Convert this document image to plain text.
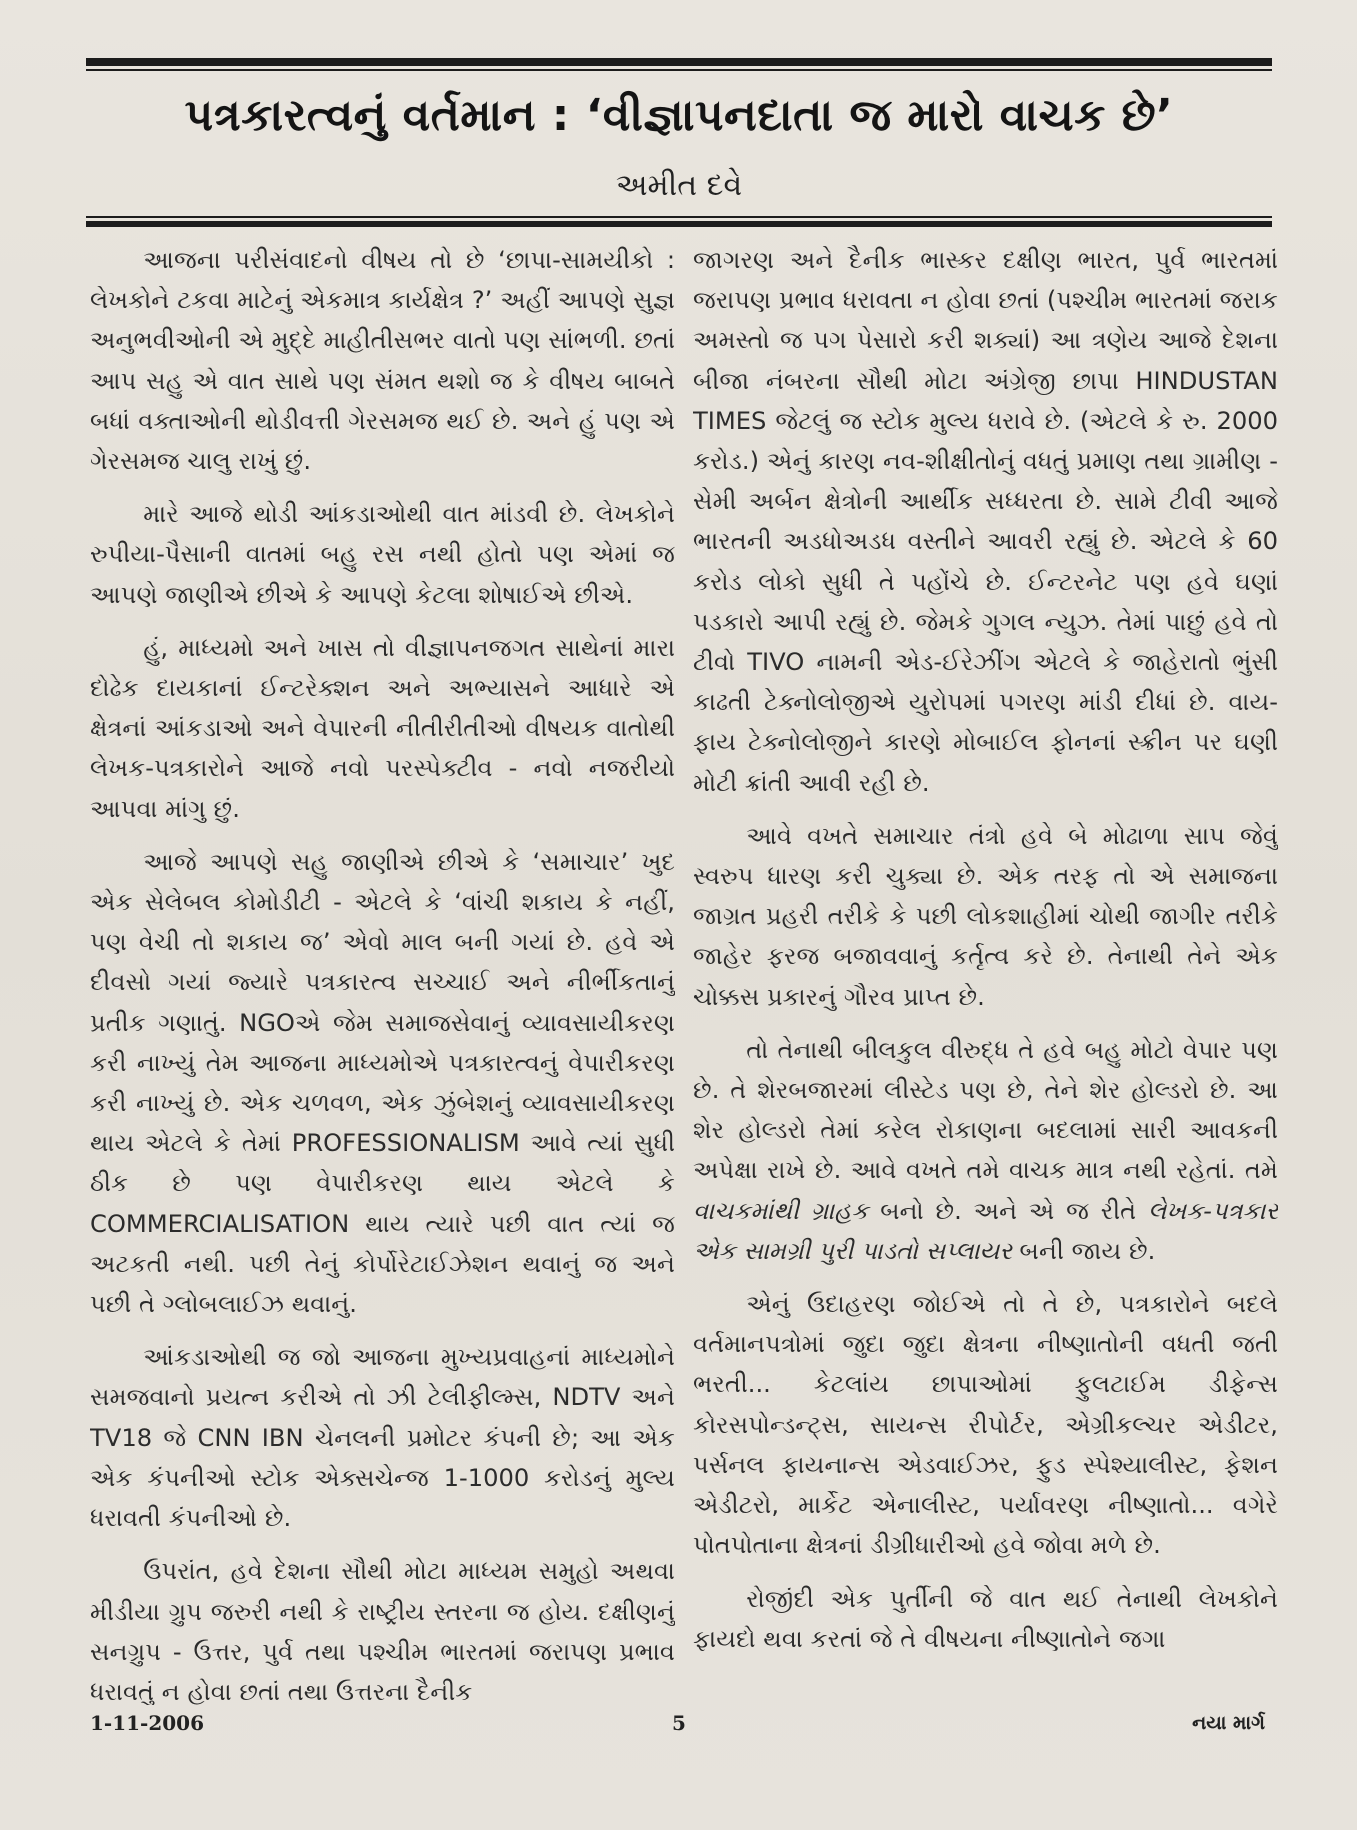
પત્રકારત્વનું વર્તમાન : ‘વીજ્ઞાપનદાતા જ મારો વાચક છે’
અમીત દવે

આજના પરીસંવાદનો વીષય તો છે ‘છાપા-સામયીકો : લેખકોને ટકવા માટેનું એકમાત્ર કાર્યક્ષેત્ર ?’ અહીં આપણે સુજ્ઞ અનુભવીઓની એ મુદ્દે માહીતીસભર વાતો પણ સાંભળી. છતાં આપ સહુ એ વાત સાથે પણ સંમત થશો જ કે વીષય બાબતે બધાં વક્તાઓની થોડીવત્તી ગેરસમજ થઈ છે. અને હું પણ એ ગેરસમજ ચાલુ રાખું છું.

મારે આજે થોડી આંકડાઓથી વાત માંડવી છે. લેખકોને રુપીયા-પૈસાની વાતમાં બહુ રસ નથી હોતો પણ એમાં જ આપણે જાણીએ છીએ કે આપણે કેટલા શોષાઈએ છીએ.

હું, માધ્યમો અને ખાસ તો વીજ્ઞાપનજગત સાથેનાં મારા દોઢેક દાયકાનાં ઈન્ટરેક્શન અને અભ્યાસને આધારે એ ક્ષેત્રનાં આંકડાઓ અને વેપારની નીતીરીતીઓ વીષયક વાતોથી લેખક-પત્રકારોને આજે નવો પરસ્પેક્ટીવ - નવો નજરીયો આપવા માંગુ છું.

આજે આપણે સહુ જાણીએ છીએ કે ‘સમાચાર’ ખુદ એક સેલેબલ કોમોડીટી - એટલે કે ‘વાંચી શકાય કે નહીં, પણ વેચી તો શકાય જ’ એવો માલ બની ગયાં છે. હવે એ દીવસો ગયાં જ્યારે પત્રકારત્વ સચ્ચાઈ અને નીર્ભીકતાનું પ્રતીક ગણાતું. NGOએ જેમ સમાજસેવાનું વ્યાવસાયીકરણ કરી નાખ્યું તેમ આજના માધ્યમોએ પત્રકારત્વનું વેપારીકરણ કરી નાખ્યું છે. એક ચળવળ, એક ઝુંબેશનું વ્યાવસાયીકરણ થાય એટલે કે તેમાં PROFESSIONALISM આવે ત્યાં સુધી ઠીક છે પણ વેપારીકરણ થાય એટલે કે COMMERCIALISATION થાય ત્યારે પછી વાત ત્યાં જ અટકતી નથી. પછી તેનું કોર્પોરેટાઈઝેશન થવાનું જ અને પછી તે ગ્લોબલાઈઝ થવાનું.

આંકડાઓથી જ જો આજના મુખ્યપ્રવાહનાં માધ્યમોને સમજવાનો પ્રયત્ન કરીએ તો ઝી ટેલીફીલ્મ્સ, NDTV અને TV18 જે CNN IBN ચેનલની પ્રમોટર કંપની છે; આ એક એક કંપનીઓ સ્ટોક એક્સચેન્જ 1-1000 કરોડનું મુલ્ય ધરાવતી કંપનીઓ છે.

ઉપરાંત, હવે દેશના સૌથી મોટા માધ્યમ સમુહો અથવા મીડીયા ગ્રુપ જરુરી નથી કે રાષ્ટ્રીય સ્તરના જ હોય. દક્ષીણનું સનગ્રુપ - ઉત્તર, પુર્વ તથા પશ્ચીમ ભારતમાં જરાપણ પ્રભાવ ધરાવતું ન હોવા છતાં તથા ઉત્તરના દૈનીક

જાગરણ અને દૈનીક ભાસ્કર દક્ષીણ ભારત, પુર્વ ભારતમાં જરાપણ પ્રભાવ ધરાવતા ન હોવા છતાં (પશ્ચીમ ભારતમાં જરાક અમસ્તો જ પગ પેસારો કરી શક્યાં) આ ત્રણેય આજે દેશના બીજા નંબરના સૌથી મોટા અંગ્રેજી છાપા HINDUSTAN TIMES જેટલું જ સ્ટોક મુલ્ય ધરાવે છે. (એટલે કે રુ. 2000 કરોડ.) એનું કારણ નવ-શીક્ષીતોનું વધતું પ્રમાણ તથા ગ્રામીણ - સેમી અર્બન ક્ષેત્રોની આર્થીક સધ્ધરતા છે. સામે ટીવી આજે ભારતની અડધોઅડધ વસ્તીને આવરી રહ્યું છે. એટલે કે 60 કરોડ લોકો સુધી તે પહોંચે છે. ઈન્ટરનેટ પણ હવે ઘણાં પડકારો આપી રહ્યું છે. જેમકે ગુગલ ન્યુઝ. તેમાં પાછું હવે તો ટીવો TIVO નામની એડ-ઈરેઝીંગ એટલે કે જાહેરાતો ભુંસી કાઢતી ટેક્નોલોજીએ યુરોપમાં પગરણ માંડી દીધાં છે. વાય-ફાય ટેક્નોલોજીને કારણે મોબાઈલ ફોનનાં સ્ક્રીન પર ઘણી મોટી ક્રાંતી આવી રહી છે.

આવે વખતે સમાચાર તંત્રો હવે બે મોઢાળા સાપ જેવું સ્વરુપ ધારણ કરી ચુક્યા છે. એક તરફ તો એ સમાજના જાગ્રત પ્રહરી તરીકે કે પછી લોકશાહીમાં ચોથી જાગીર તરીકે જાહેર ફરજ બજાવવાનું કર્તૃત્વ કરે છે. તેનાથી તેને એક ચોક્કસ પ્રકારનું ગૌરવ પ્રાપ્ત છે.

તો તેનાથી બીલકુલ વીરુદ્ધ તે હવે બહુ મોટો વેપાર પણ છે. તે શેરબજારમાં લીસ્ટેડ પણ છે, તેને શેર હોલ્ડરો છે. આ શેર હોલ્ડરો તેમાં કરેલ રોકાણના બદલામાં સારી આવકની અપેક્ષા રાખે છે. આવે વખતે તમે વાચક માત્ર નથી રહેતાં. તમે વાચકમાંથી ગ્રાહક બનો છે. અને એ જ રીતે લેખક-પત્રકાર એક સામગ્રી પુરી પાડતો સપ્લાયર બની જાય છે.

એનું ઉદાહરણ જોઈએ તો તે છે, પત્રકારોને બદલે વર્તમાનપત્રોમાં જુદા જુદા ક્ષેત્રના નીષ્ણાતોની વધતી જતી ભરતી... કેટલાંય છાપાઓમાં ફુલટાઈમ ડીફેન્સ કોરસપોન્ડન્ટ્સ, સાયન્સ રીપોર્ટર, એગ્રીકલ્ચર એડીટર, પર્સનલ ફાયનાન્સ એડવાઈઝર, ફુડ સ્પેશ્યાલીસ્ટ, ફેશન એડીટરો, માર્કેટ એનાલીસ્ટ, પર્યાવરણ નીષ્ણાતો... વગેરે પોતપોતાના ક્ષેત્રનાં ડીગ્રીધારીઓ હવે જોવા મળે છે.

રોજીંદી એક પુર્તીની જે વાત થઈ તેનાથી લેખકોને ફાયદો થવા કરતાં જે તે વીષયના નીષ્ણાતોને જગા

1-11-2006	5	નયા માર્ગ
